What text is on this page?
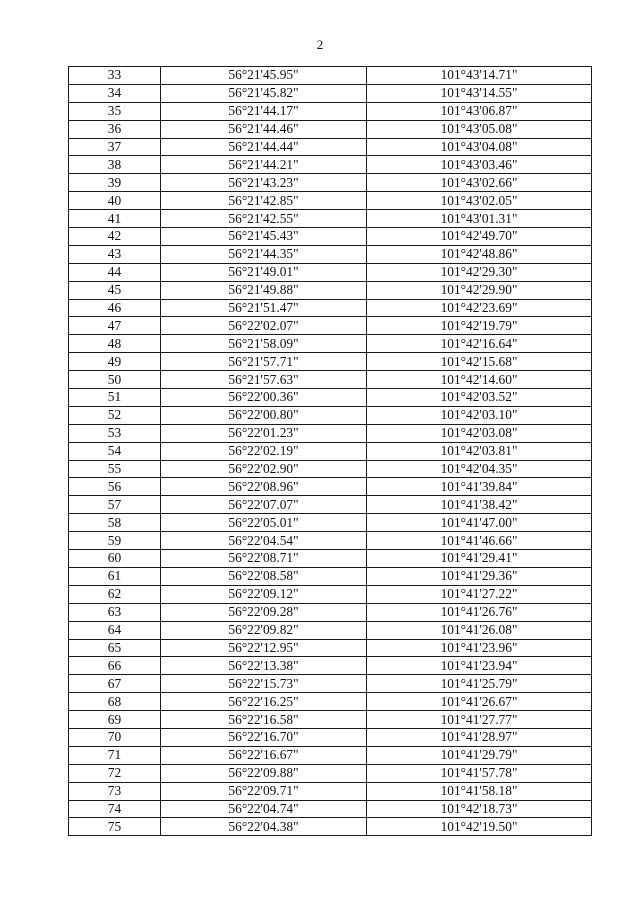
2
33	56°21'45.95"	101°43'14.71"
34	56°21'45.82"	101°43'14.55"
35	56°21'44.17"	101°43'06.87"
36	56°21'44.46"	101°43'05.08"
37	56°21'44.44"	101°43'04.08"
38	56°21'44.21"	101°43'03.46"
39	56°21'43.23"	101°43'02.66"
40	56°21'42.85"	101°43'02.05"
41	56°21'42.55"	101°43'01.31"
42	56°21'45.43"	101°42'49.70"
43	56°21'44.35"	101°42'48.86"
44	56°21'49.01"	101°42'29.30"
45	56°21'49.88"	101°42'29.90"
46	56°21'51.47"	101°42'23.69"
47	56°22'02.07"	101°42'19.79"
48	56°21'58.09"	101°42'16.64"
49	56°21'57.71"	101°42'15.68"
50	56°21'57.63"	101°42'14.60"
51	56°22'00.36"	101°42'03.52"
52	56°22'00.80"	101°42'03.10"
53	56°22'01.23"	101°42'03.08"
54	56°22'02.19"	101°42'03.81"
55	56°22'02.90"	101°42'04.35"
56	56°22'08.96"	101°41'39.84"
57	56°22'07.07"	101°41'38.42"
58	56°22'05.01"	101°41'47.00"
59	56°22'04.54"	101°41'46.66"
60	56°22'08.71"	101°41'29.41"
61	56°22'08.58"	101°41'29.36"
62	56°22'09.12"	101°41'27.22"
63	56°22'09.28"	101°41'26.76"
64	56°22'09.82"	101°41'26.08"
65	56°22'12.95"	101°41'23.96"
66	56°22'13.38"	101°41'23.94"
67	56°22'15.73"	101°41'25.79"
68	56°22'16.25"	101°41'26.67"
69	56°22'16.58"	101°41'27.77"
70	56°22'16.70"	101°41'28.97"
71	56°22'16.67"	101°41'29.79"
72	56°22'09.88"	101°41'57.78"
73	56°22'09.71"	101°41'58.18"
74	56°22'04.74"	101°42'18.73"
75	56°22'04.38"	101°42'19.50"
